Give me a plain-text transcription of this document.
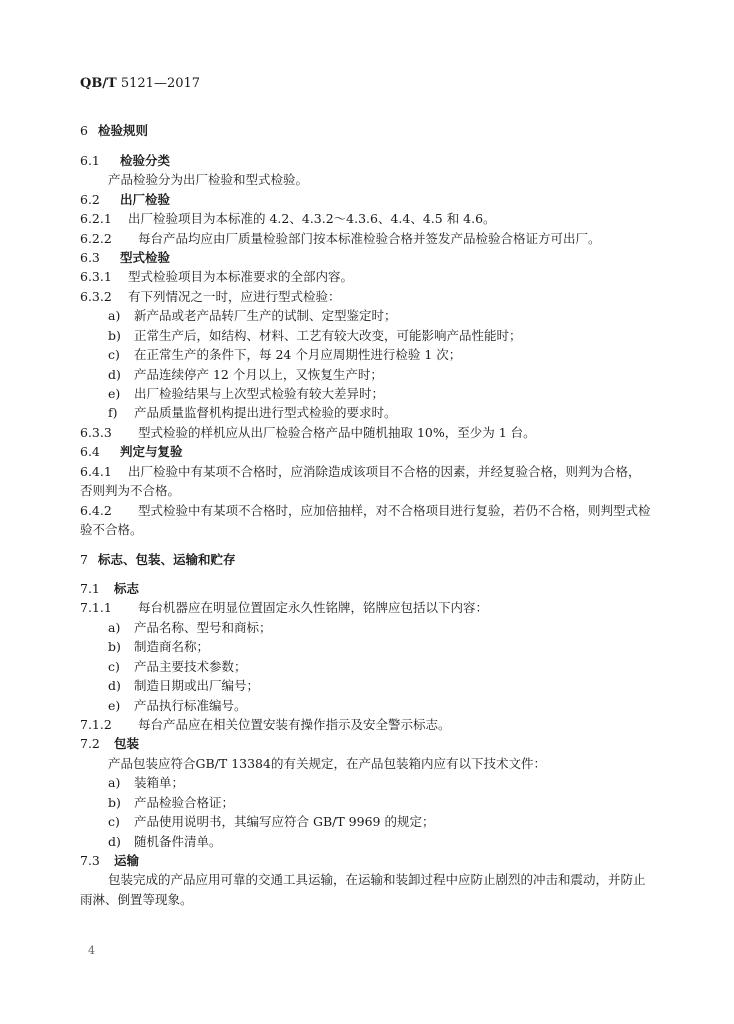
QB/T 5121—2017
6 检验规则
6.1 检验分类
产品检验分为出厂检验和型式检验。
6.2 出厂检验
6.2.1 出厂检验项目为本标准的 4.2、4.3.2～4.3.6、4.4、4.5 和 4.6。
6.2.2 每台产品均应由厂质量检验部门按本标准检验合格并签发产品检验合格证方可出厂。
6.3 型式检验
6.3.1 型式检验项目为本标准要求的全部内容。
6.3.2 有下列情况之一时，应进行型式检验：
a) 新产品或老产品转厂生产的试制、定型鉴定时；
b) 正常生产后，如结构、材料、工艺有较大改变，可能影响产品性能时；
c) 在正常生产的条件下，每 24 个月应周期性进行检验 1 次；
d) 产品连续停产 12 个月以上，又恢复生产时；
e) 出厂检验结果与上次型式检验有较大差异时；
f) 产品质量监督机构提出进行型式检验的要求时。
6.3.3 型式检验的样机应从出厂检验合格产品中随机抽取 10%，至少为 1 台。
6.4 判定与复验
6.4.1 出厂检验中有某项不合格时，应消除造成该项目不合格的因素，并经复验合格，则判为合格，
否则判为不合格。
6.4.2 型式检验中有某项不合格时，应加倍抽样，对不合格项目进行复验，若仍不合格，则判型式检
验不合格。
7 标志、包装、运输和贮存
7.1 标志
7.1.1 每台机器应在明显位置固定永久性铭牌，铭牌应包括以下内容：
a) 产品名称、型号和商标；
b) 制造商名称；
c) 产品主要技术参数；
d) 制造日期或出厂编号；
e) 产品执行标准编号。
7.1.2 每台产品应在相关位置安装有操作指示及安全警示标志。
7.2 包装
产品包装应符合GB/T 13384的有关规定，在产品包装箱内应有以下技术文件：
a) 装箱单；
b) 产品检验合格证；
c) 产品使用说明书，其编写应符合 GB/T 9969 的规定；
d) 随机备件清单。
7.3 运输
包装完成的产品应用可靠的交通工具运输，在运输和装卸过程中应防止剧烈的冲击和震动，并防止
雨淋、倒置等现象。
4
